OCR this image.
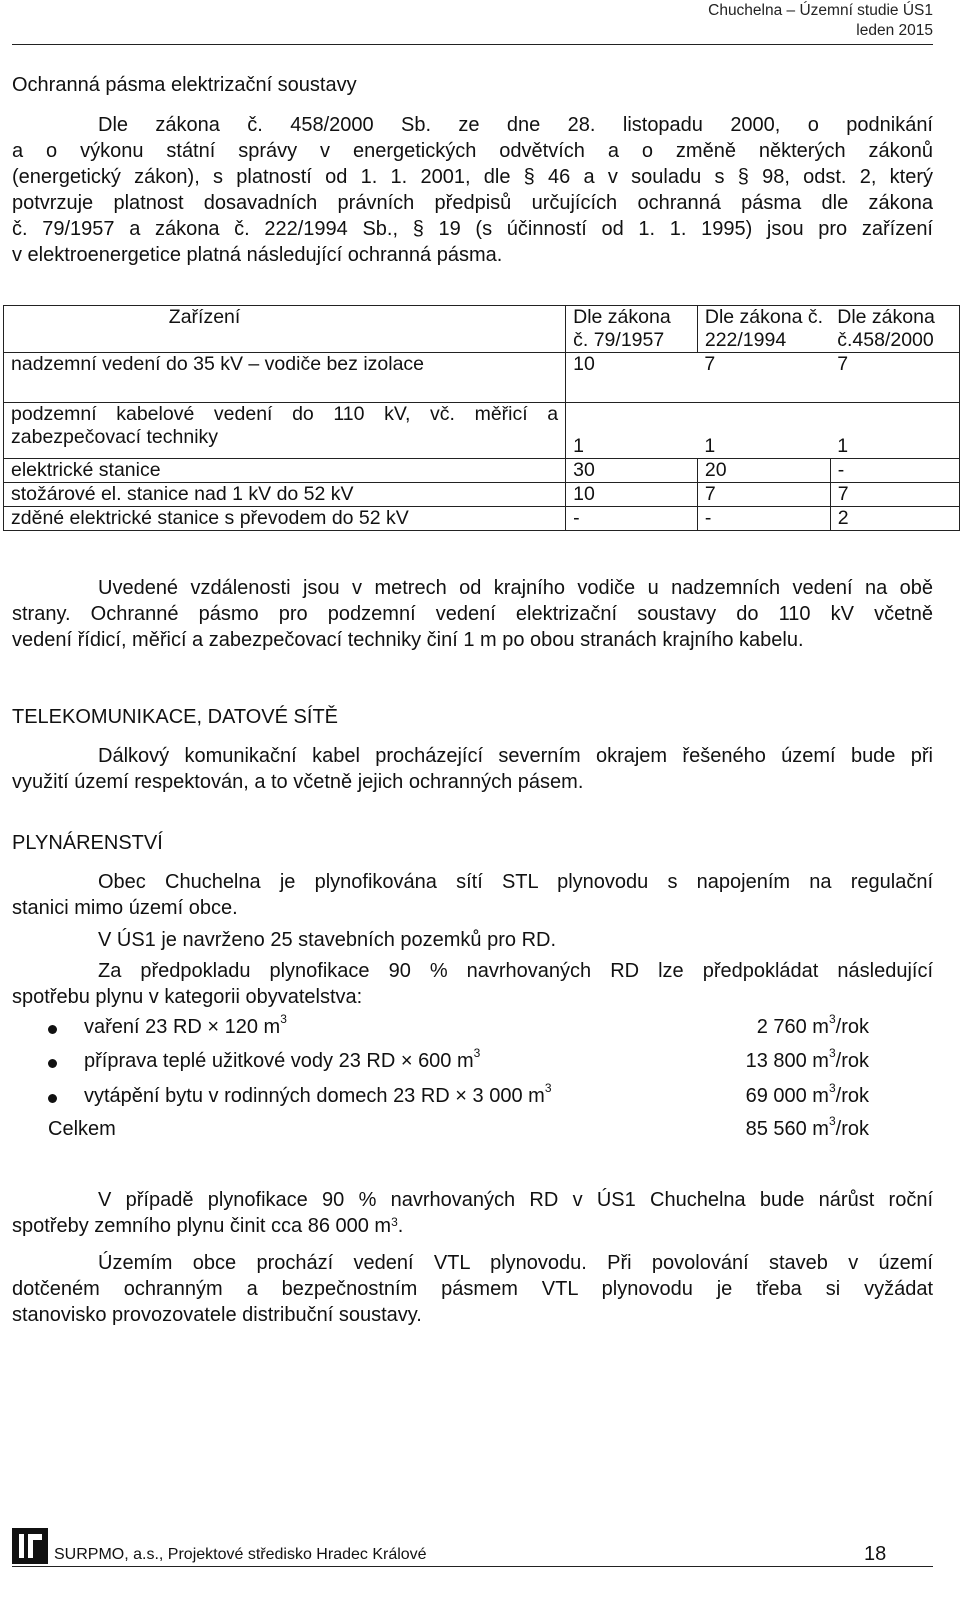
Chuchelna – Územní studie ÚS1
leden 2015
Ochranná pásma elektrizační soustavy
Dle zákona č. 458/2000 Sb. ze dne 28. listopadu 2000, o podnikání
a o výkonu státní správy v energetických odvětvích a o změně některých zákonů
(energetický zákon), s platností od 1. 1. 2001, dle § 46 a v souladu s § 98, odst. 2, který
potvrzuje platnost dosavadních právních předpisů určujících ochranná pásma dle zákona
č. 79/1957 a zákona č. 222/1994 Sb., § 19 (s účinností od 1. 1. 1995) jsou pro zařízení
v elektroenergetice platná následující ochranná pásma.
Zařízení	Dle zákona č. 79/1957	Dle zákona č. 222/1994	Dle zákona č.458/2000
nadzemní vedení do 35 kV – vodiče bez izolace	10	7	7
podzemní kabelové vedení do 110 kV, vč. měřicí a zabezpečovací techniky	1	1	1
elektrické stanice	30	20	-
stožárové el. stanice nad 1 kV do 52 kV	10	7	7
zděné elektrické stanice s převodem do 52 kV	-	-	2
Uvedené vzdálenosti jsou v metrech od krajního vodiče u nadzemních vedení na obě
strany. Ochranné pásmo pro podzemní vedení elektrizační soustavy do 110 kV včetně
vedení řídicí, měřicí a zabezpečovací techniky činí 1 m po obou stranách krajního kabelu.
TELEKOMUNIKACE, DATOVÉ SÍTĚ
Dálkový komunikační kabel procházející severním okrajem řešeného území bude při
využití území respektován, a to včetně jejich ochranných pásem.
PLYNÁRENSTVÍ
Obec Chuchelna je plynofikována sítí STL plynovodu s napojením na regulační
stanici mimo území obce.
V ÚS1 je navrženo 25 stavebních pozemků pro RD.
Za předpokladu plynofikace 90 % navrhovaných RD lze předpokládat následující
spotřebu plynu v kategorii obyvatelstva:
vaření 23 RD × 120 $m^3$	2 760 $m^3$/rok
příprava teplé užitkové vody 23 RD × 600 $m^3$	13 800 $m^3$/rok
vytápění bytu v rodinných domech 23 RD × 3 000 $m^3$	69 000 $m^3$/rok
Celkem	85 560 $m^3$/rok
V případě plynofikace 90 % navrhovaných RD v ÚS1 Chuchelna bude nárůst roční
spotřeby zemního plynu činit cca 86 000 $m^3$.
Územím obce prochází vedení VTL plynovodu. Při povolování staveb v území
dotčeném ochranným a bezpečnostním pásmem VTL plynovodu je třeba si vyžádat
stanovisko provozovatele distribuční soustavy.
SURPMO, a.s., Projektové středisko Hradec Králové	18
